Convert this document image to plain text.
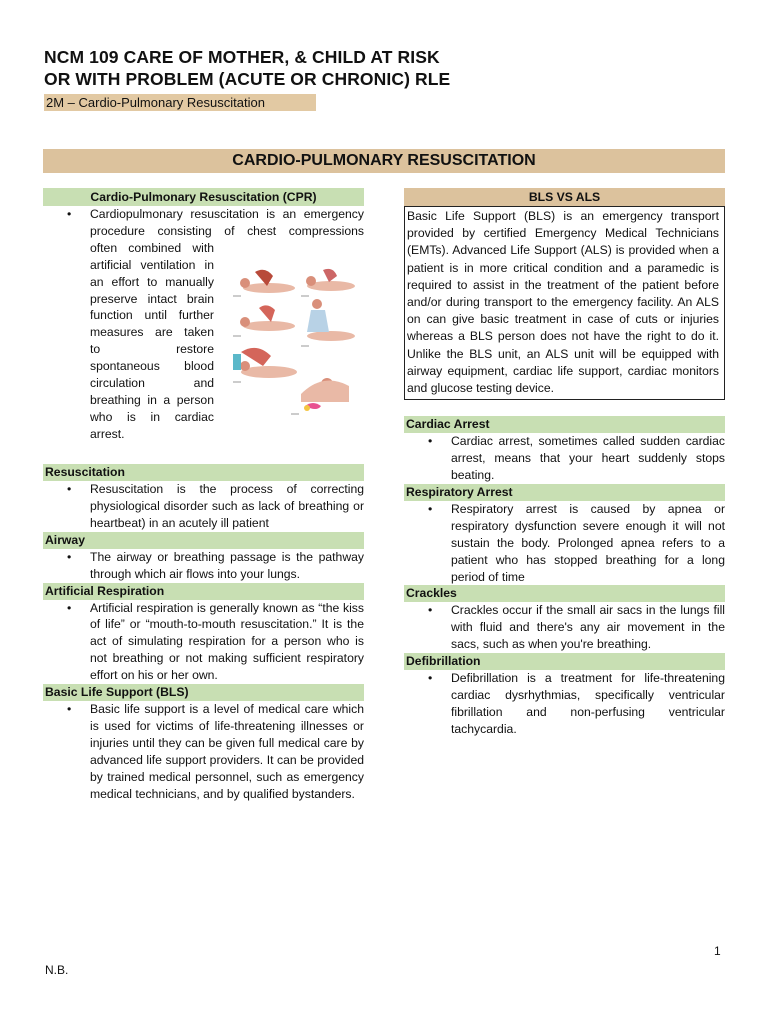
NCM 109 CARE OF MOTHER, & CHILD AT RISK
OR WITH PROBLEM (ACUTE OR CHRONIC) RLE
2M – Cardio-Pulmonary Resuscitation
CARDIO-PULMONARY RESUSCITATION
Cardio-Pulmonary Resuscitation (CPR)
• Cardiopulmonary resuscitation is an emergency
procedure consisting of chest compressions
often combined with
artificial ventilation in
an effort to manually
preserve intact brain
function until further
measures are taken
to restore
spontaneous blood
circulation and
breathing in a person
who is in cardiac
arrest.
Resuscitation
• Resuscitation is the process of correcting physiological disorder such as lack of breathing or heartbeat) in an acutely ill patient
Airway
• The airway or breathing passage is the pathway through which air flows into your lungs.
Artificial Respiration
• Artificial respiration is generally known as “the kiss of life” or “mouth-to-mouth resuscitation.” It is the act of simulating respiration for a person who is not breathing or not making sufficient respiratory effort on his or her own.
Basic Life Support (BLS)
• Basic life support is a level of medical care which is used for victims of life-threatening illnesses or injuries until they can be given full medical care by advanced life support providers. It can be provided by trained medical personnel, such as emergency medical technicians, and by qualified bystanders.
BLS VS ALS
Basic Life Support (BLS) is an emergency transport provided by certified Emergency Medical Technicians (EMTs). Advanced Life Support (ALS) is provided when a patient is in more critical condition and a paramedic is required to assist in the treatment of the patient before and/or during transport to the emergency facility. An ALS on can give basic treatment in case of cuts or injuries whereas a BLS person does not have the right to do it. Unlike the BLS unit, an ALS unit will be equipped with airway equipment, cardiac life support, cardiac monitors and glucose testing device.
Cardiac Arrest
• Cardiac arrest, sometimes called sudden cardiac arrest, means that your heart suddenly stops beating.
Respiratory Arrest
• Respiratory arrest is caused by apnea or respiratory dysfunction severe enough it will not sustain the body. Prolonged apnea refers to a patient who has stopped breathing for a long period of time
Crackles
• Crackles occur if the small air sacs in the lungs fill with fluid and there's any air movement in the sacs, such as when you're breathing.
Defibrillation
• Defibrillation is a treatment for life-threatening cardiac dysrhythmias, specifically ventricular fibrillation and non-perfusing ventricular tachycardia.
1
N.B.
